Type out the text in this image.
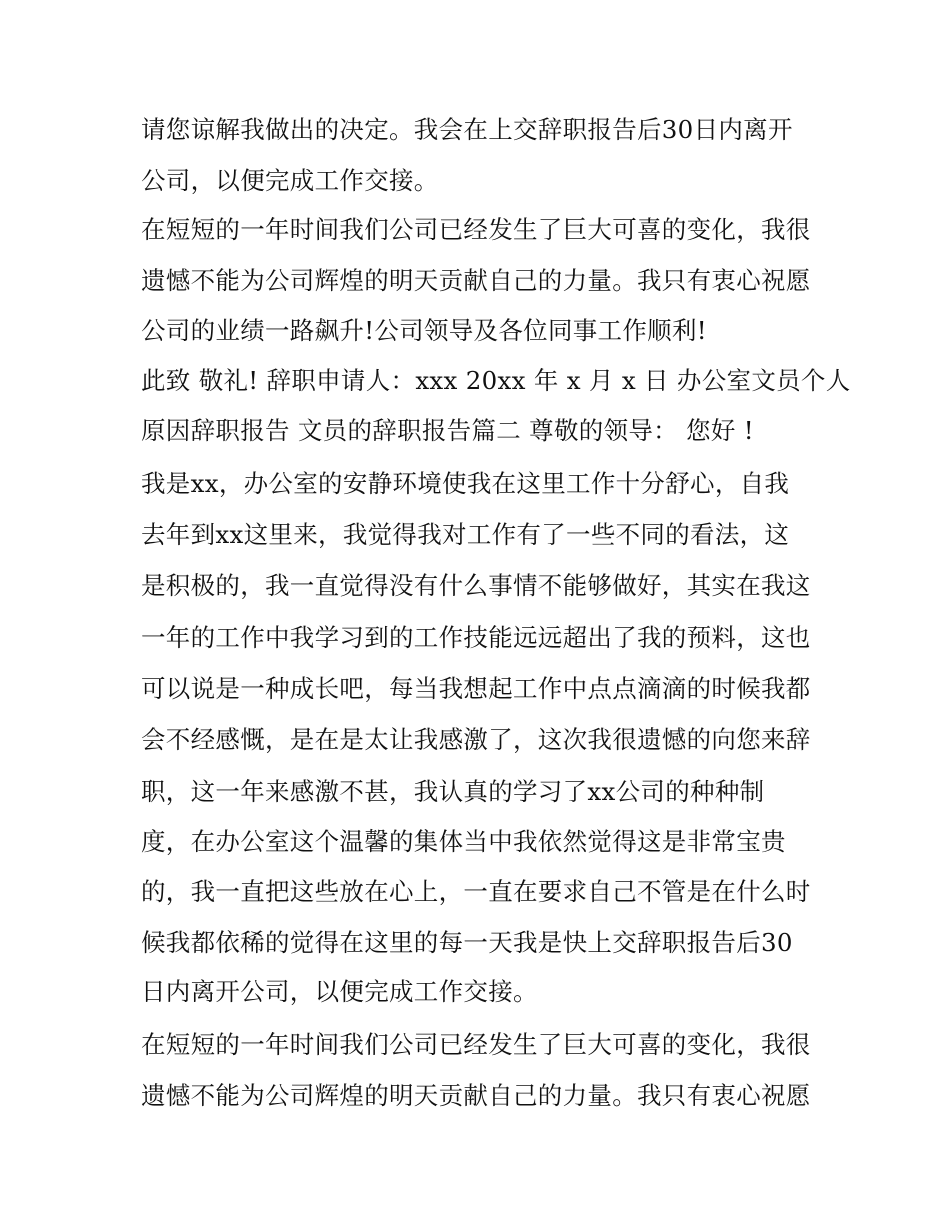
请您谅解我做出的决定。我会在上交辞职报告后30日内离开
公司，以便完成工作交接。
在短短的一年时间我们公司已经发生了巨大可喜的变化，我很
遗憾不能为公司辉煌的明天贡献自己的力量。我只有衷心祝愿
公司的业绩一路飙升!公司领导及各位同事工作顺利!
此致 敬礼! 辞职申请人：xxx 20xx 年 x 月 x 日 办公室文员个人
原因辞职报告 文员的辞职报告篇二 尊敬的领导： 您好 !
我是xx，办公室的安静环境使我在这里工作十分舒心，自我
去年到xx这里来，我觉得我对工作有了一些不同的看法，这
是积极的，我一直觉得没有什么事情不能够做好，其实在我这
一年的工作中我学习到的工作技能远远超出了我的预料，这也
可以说是一种成长吧，每当我想起工作中点点滴滴的时候我都
会不经感慨，是在是太让我感激了，这次我很遗憾的向您来辞
职，这一年来感激不甚，我认真的学习了xx公司的种种制
度，在办公室这个温馨的集体当中我依然觉得这是非常宝贵
的，我一直把这些放在心上，一直在要求自己不管是在什么时
候我都依稀的觉得在这里的每一天我是快上交辞职报告后30
日内离开公司，以便完成工作交接。
在短短的一年时间我们公司已经发生了巨大可喜的变化，我很
遗憾不能为公司辉煌的明天贡献自己的力量。我只有衷心祝愿
